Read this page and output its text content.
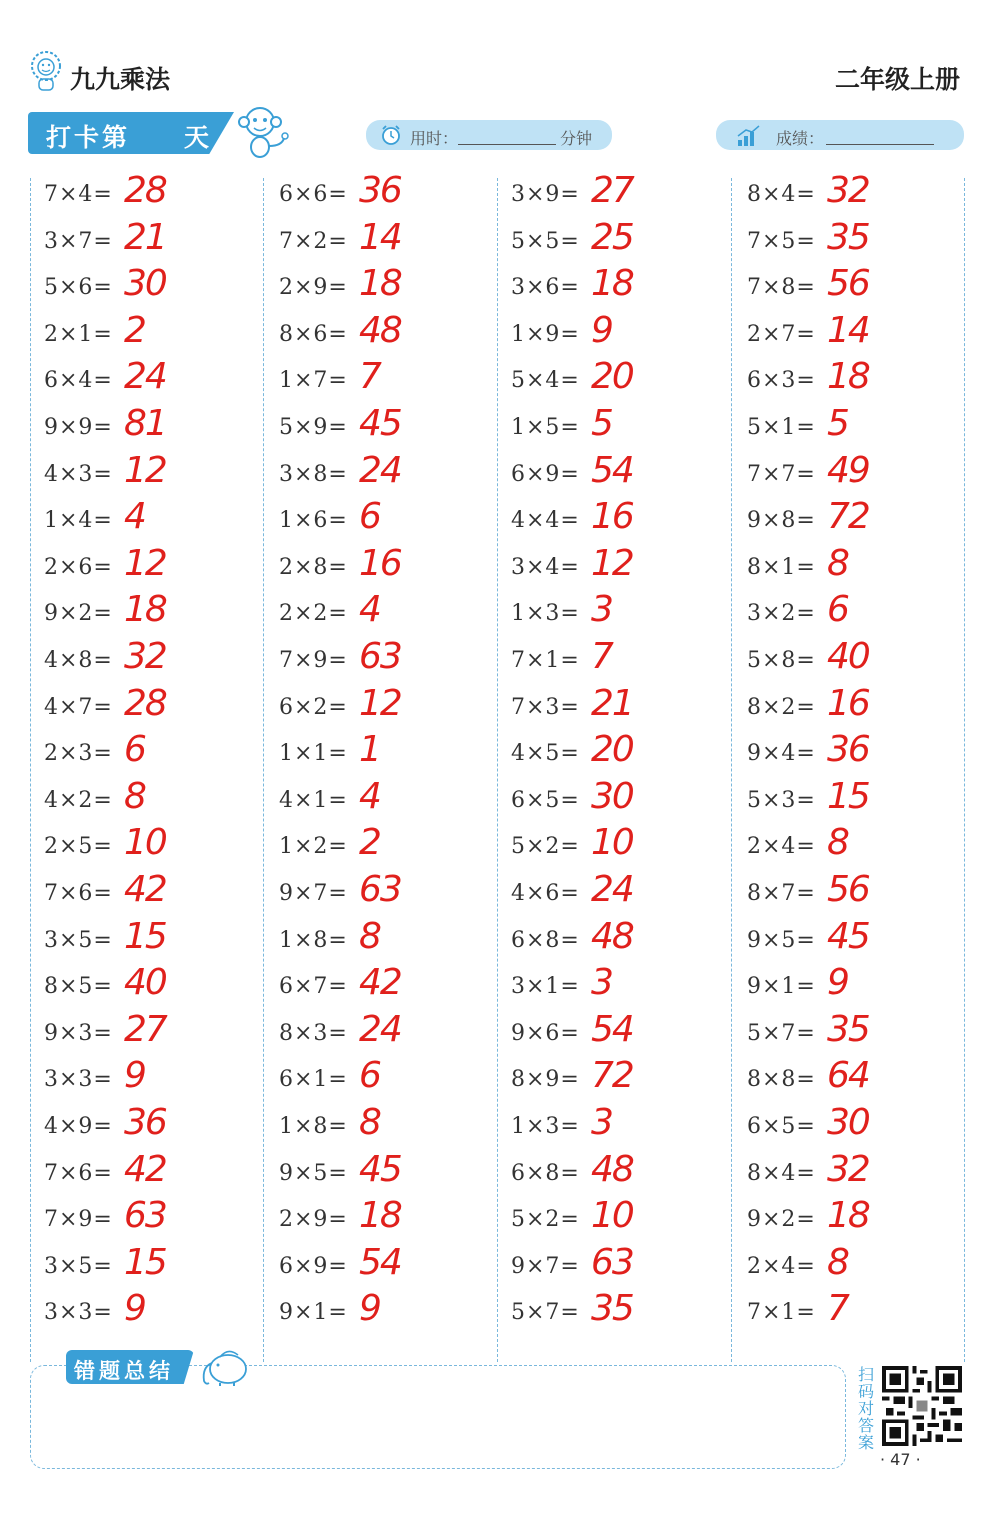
九九乘法	二年级上册
打卡第 天	用时：	分钟	成绩：
7×4= 28
3×7= 21
5×6= 30
2×1= 2
6×4= 24
9×9= 81
4×3= 12
1×4= 4
2×6= 12
9×2= 18
4×8= 32
4×7= 28
2×3= 6
4×2= 8
2×5= 10
7×6= 42
3×5= 15
8×5= 40
9×3= 27
3×3= 9
4×9= 36
7×6= 42
7×9= 63
3×5= 15
3×3= 9
6×6= 36
7×2= 14
2×9= 18
8×6= 48
1×7= 7
5×9= 45
3×8= 24
1×6= 6
2×8= 16
2×2= 4
7×9= 63
6×2= 12
1×1= 1
4×1= 4
1×2= 2
9×7= 63
1×8= 8
6×7= 42
8×3= 24
6×1= 6
1×8= 8
9×5= 45
2×9= 18
6×9= 54
9×1= 9
3×9= 27
5×5= 25
3×6= 18
1×9= 9
5×4= 20
1×5= 5
6×9= 54
4×4= 16
3×4= 12
1×3= 3
7×1= 7
7×3= 21
4×5= 20
6×5= 30
5×2= 10
4×6= 24
6×8= 48
3×1= 3
9×6= 54
8×9= 72
1×3= 3
6×8= 48
5×2= 10
9×7= 63
5×7= 35
8×4= 32
7×5= 35
7×8= 56
2×7= 14
6×3= 18
5×1= 5
7×7= 49
9×8= 72
8×1= 8
3×2= 6
5×8= 40
8×2= 16
9×4= 36
5×3= 15
2×4= 8
8×7= 56
9×5= 45
9×1= 9
5×7= 35
8×8= 64
6×5= 30
8×4= 32
9×2= 18
2×4= 8
7×1= 7
错题总结	扫码对答案
· 47 ·
